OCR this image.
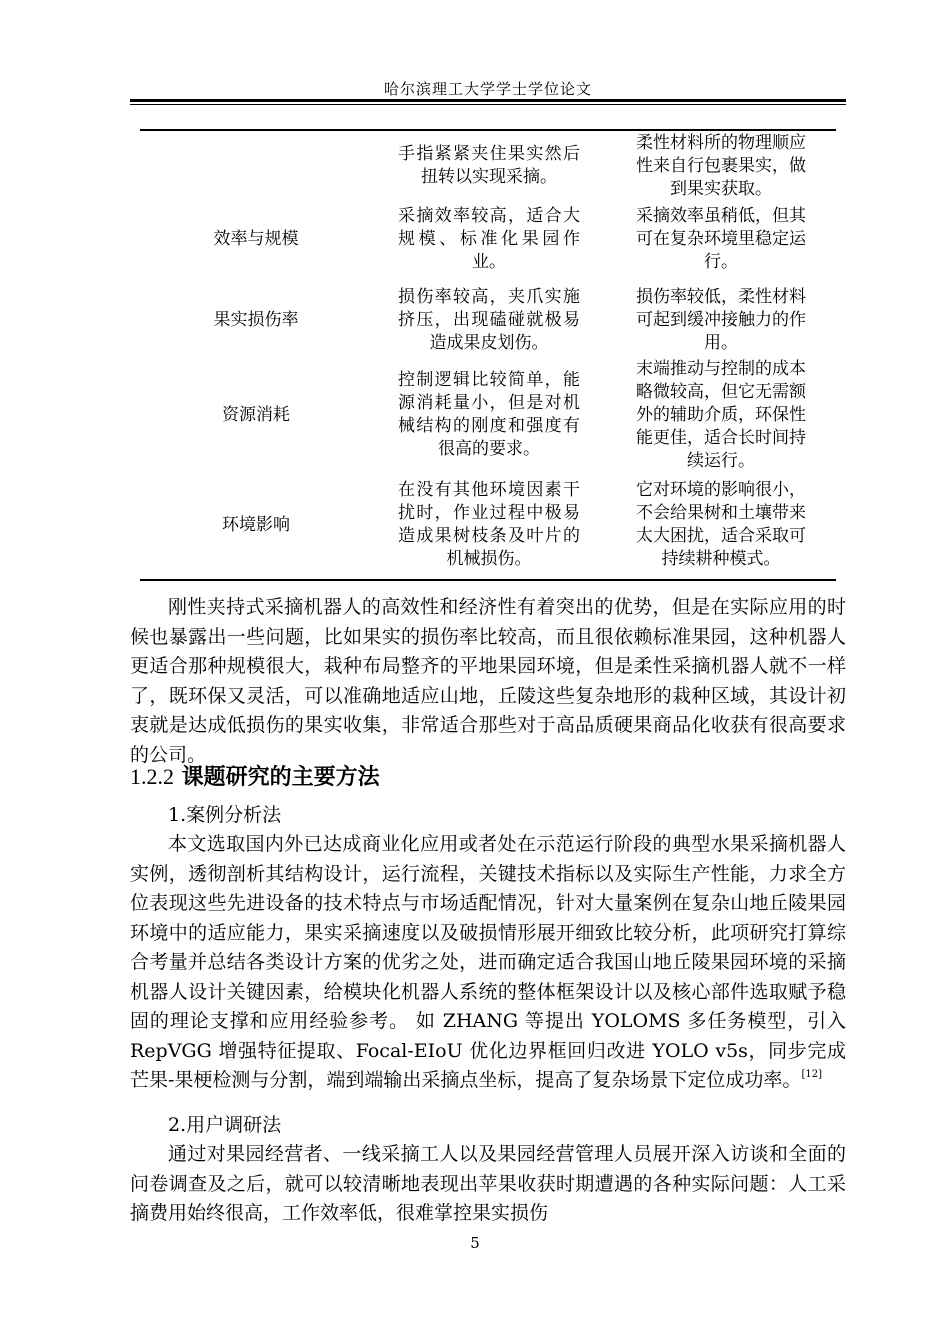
哈尔滨理工大学学士学位论文
手指紧紧夹住果实然后扭转以实现采摘。
柔性材料所的物理顺应性来自行包裹果实，做到果实获取。
效率与规模
采摘效率较高，适合大规模、标准化果园作业。
采摘效率虽稍低，但其可在复杂环境里稳定运行。
果实损伤率
损伤率较高，夹爪实施挤压，出现磕碰就极易造成果皮划伤。
损伤率较低，柔性材料可起到缓冲接触力的作用。
资源消耗
控制逻辑比较简单，能源消耗量小，但是对机械结构的刚度和强度有很高的要求。
末端推动与控制的成本略微较高，但它无需额外的辅助介质，环保性能更佳，适合长时间持续运行。
环境影响
在没有其他环境因素干扰时，作业过程中极易造成果树枝条及叶片的机械损伤。
它对环境的影响很小，不会给果树和土壤带来太大困扰，适合采取可持续耕种模式。

刚性夹持式采摘机器人的高效性和经济性有着突出的优势，但是在实际应用的时候也暴露出一些问题，比如果实的损伤率比较高，而且很依赖标准果园，这种机器人更适合那种规模很大，栽种布局整齐的平地果园环境，但是柔性采摘机器人就不一样了，既环保又灵活，可以准确地适应山地，丘陵这些复杂地形的栽种区域，其设计初衷就是达成低损伤的果实收集，非常适合那些对于高品质硬果商品化收获有很高要求的公司。

1.2.2 课题研究的主要方法

1.案例分析法

本文选取国内外已达成商业化应用或者处在示范运行阶段的典型水果采摘机器人实例，透彻剖析其结构设计，运行流程，关键技术指标以及实际生产性能，力求全方位表现这些先进设备的技术特点与市场适配情况，针对大量案例在复杂山地丘陵果园环境中的适应能力，果实采摘速度以及破损情形展开细致比较分析，此项研究打算综合考量并总结各类设计方案的优劣之处，进而确定适合我国山地丘陵果园环境的采摘机器人设计关键因素，给模块化机器人系统的整体框架设计以及核心部件选取赋予稳固的理论支撑和应用经验参考。 如 ZHANG 等提出 YOLOMS 多任务模型，引入 RepVGG 增强特征提取、Focal-EIoU 优化边界框回归改进 YOLO v5s，同步完成芒果-果梗检测与分割，端到端输出采摘点坐标，提高了复杂场景下定位成功率。[12]

2.用户调研法

通过对果园经营者、一线采摘工人以及果园经营管理人员展开深入访谈和全面的问卷调查及之后，就可以较清晰地表现出苹果收获时期遭遇的各种实际问题：人工采摘费用始终很高，工作效率低，很难掌控果实损伤

5
